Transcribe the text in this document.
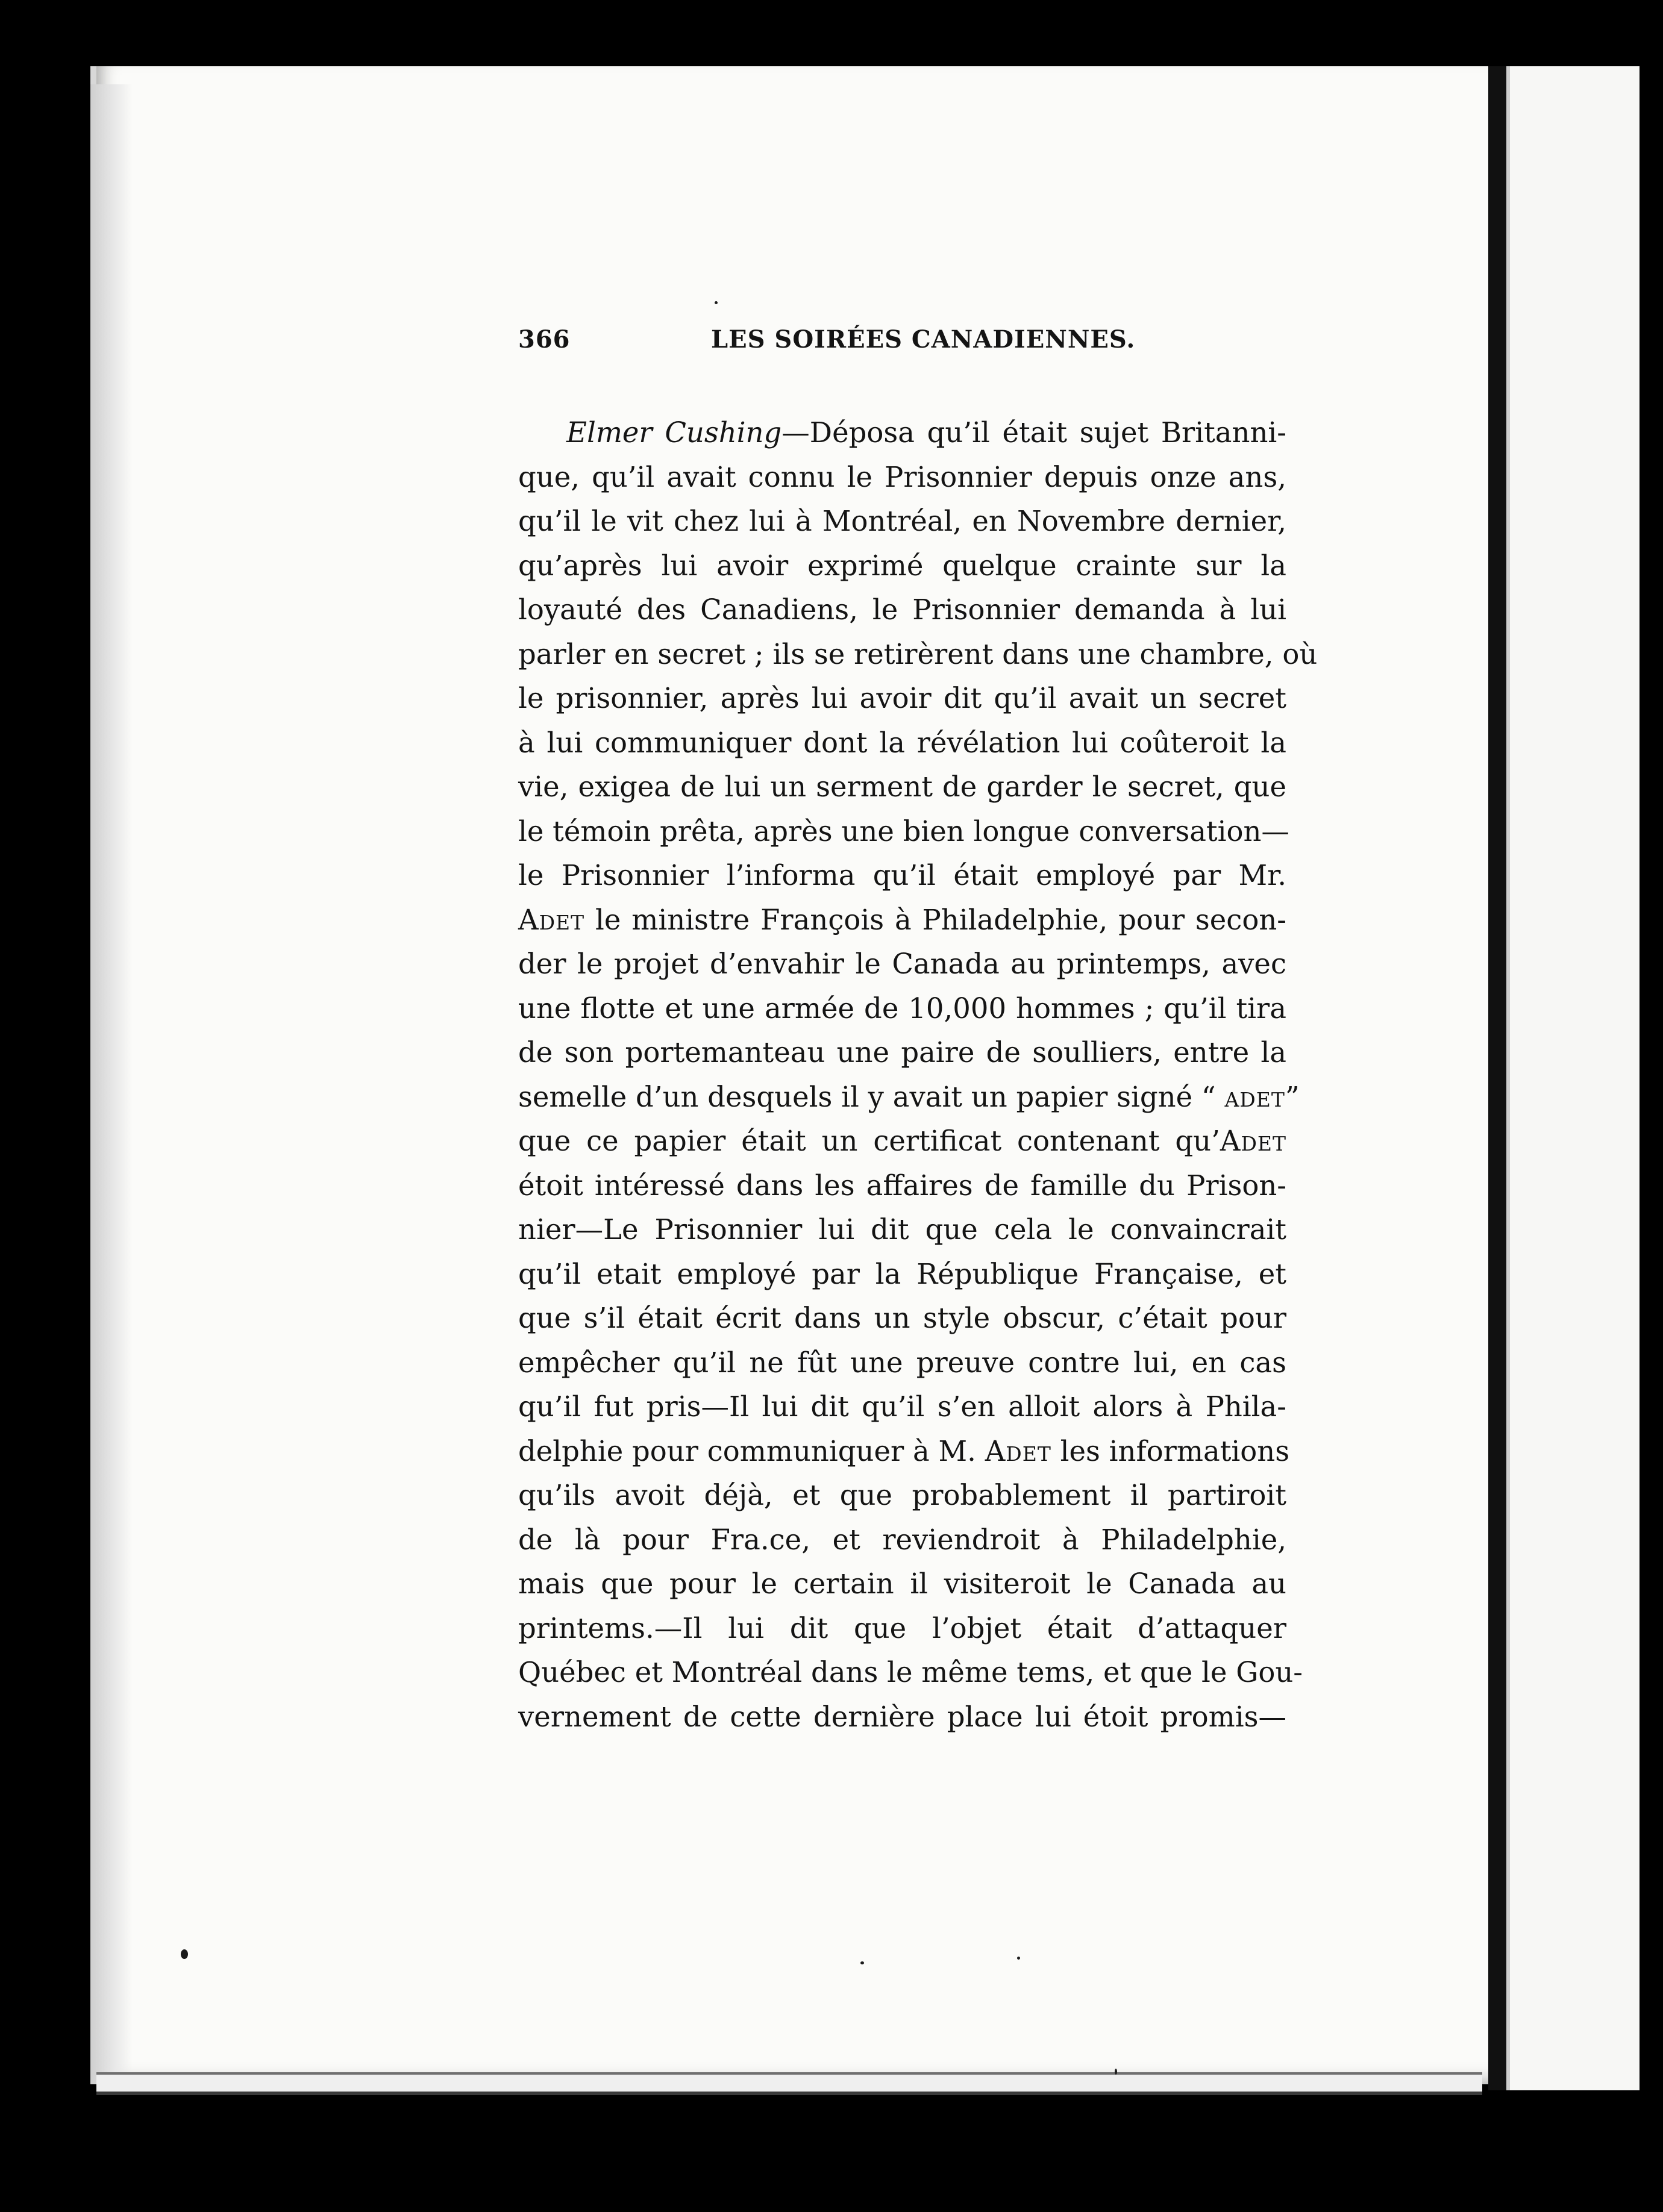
366	LES SOIRÉES CANADIENNES.
Elmer Cushing—Déposa qu’il était sujet Britanni-
que, qu’il avait connu le Prisonnier depuis onze ans,
qu’il le vit chez lui à Montréal, en Novembre dernier,
qu’après lui avoir exprimé quelque crainte sur la
loyauté des Canadiens, le Prisonnier demanda à lui
parler en secret ; ils se retirèrent dans une chambre, où
le prisonnier, après lui avoir dit qu’il avait un secret
à lui communiquer dont la révélation lui coûteroit la
vie, exigea de lui un serment de garder le secret, que
le témoin prêta, après une bien longue conversation—
le Prisonnier l’informa qu’il était employé par Mr.
Adet le ministre François à Philadelphie, pour secon-
der le projet d’envahir le Canada au printemps, avec
une flotte et une armée de 10,000 hommes ; qu’il tira
de son portemanteau une paire de soulliers, entre la
semelle d’un desquels il y avait un papier signé “ adet”
que ce papier était un certificat contenant qu’Adet
étoit intéressé dans les affaires de famille du Prison-
nier—Le Prisonnier lui dit que cela le convaincrait
qu’il etait employé par la République Française, et
que s’il était écrit dans un style obscur, c’était pour
empêcher qu’il ne fût une preuve contre lui, en cas
qu’il fut pris—Il lui dit qu’il s’en alloit alors à Phila-
delphie pour communiquer à M. Adet les informations
qu’ils avoit déjà, et que probablement il partiroit
de là pour Fra.ce, et reviendroit à Philadelphie,
mais que pour le certain il visiteroit le Canada au
printems.—Il lui dit que l’objet était d’attaquer
Québec et Montréal dans le même tems, et que le Gou-
vernement de cette dernière place lui étoit promis—
